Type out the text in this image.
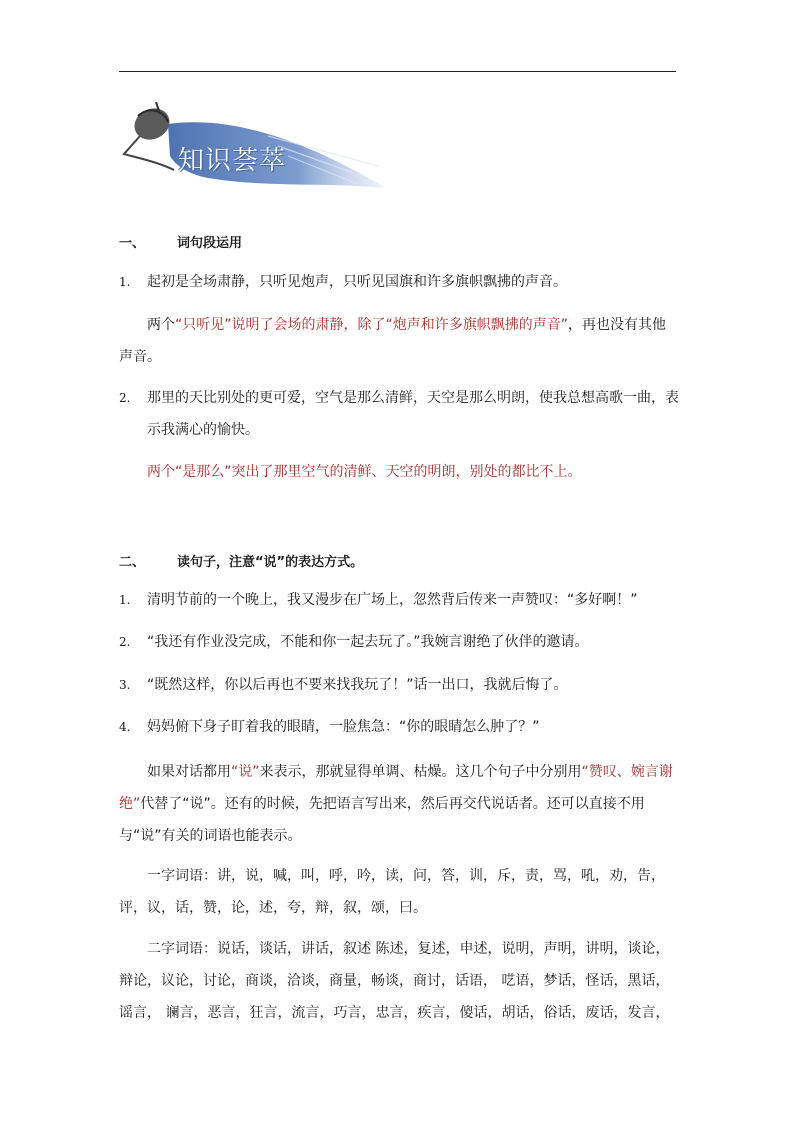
知识荟萃
一、 词句段运用
1. 起初是全场肃静，只听见炮声，只听见国旗和许多旗帜飘拂的声音。
两个“只听见”说明了会场的肃静，除了“炮声和许多旗帜飘拂的声音”，再也没有其他声音。
2. 那里的天比别处的更可爱，空气是那么清鲜，天空是那么明朗，使我总想高歌一曲，表
示我满心的愉快。
两个“是那么”突出了那里空气的清鲜、天空的明朗，别处的都比不上。
二、 读句子，注意“说”的表达方式。
1. 清明节前的一个晚上，我又漫步在广场上，忽然背后传来一声赞叹：“多好啊！”
2. “我还有作业没完成，不能和你一起去玩了。”我婉言谢绝了伙伴的邀请。
3. “既然这样，你以后再也不要来找我玩了！”话一出口，我就后悔了。
4. 妈妈俯下身子盯着我的眼睛，一脸焦急：“你的眼睛怎么肿了？”
如果对话都用“说”来表示，那就显得单调、枯燥。这几个句子中分别用“赞叹、婉言谢绝”代替了“说”。还有的时候，先把语言写出来，然后再交代说话者。还可以直接不用与“说”有关的词语也能表示。
一字词语：讲，说，喊，叫，呼，吟，读，问，答，训，斥，责，骂，吼，劝，告，评，议，话，赞，论，述，夸，辩，叙，颂，曰。
二字词语：说话，谈话，讲话，叙述 陈述，复述，申述，说明，声明，讲明，谈论，辩论，议论，讨论，商谈，洽谈，商量，畅谈，商讨，话语， 呓语，梦话，怪话，黑话，谣言， 谰言，恶言，狂言，流言，巧言，忠言，疾言，傻话，胡话，俗话，废话，发言，
